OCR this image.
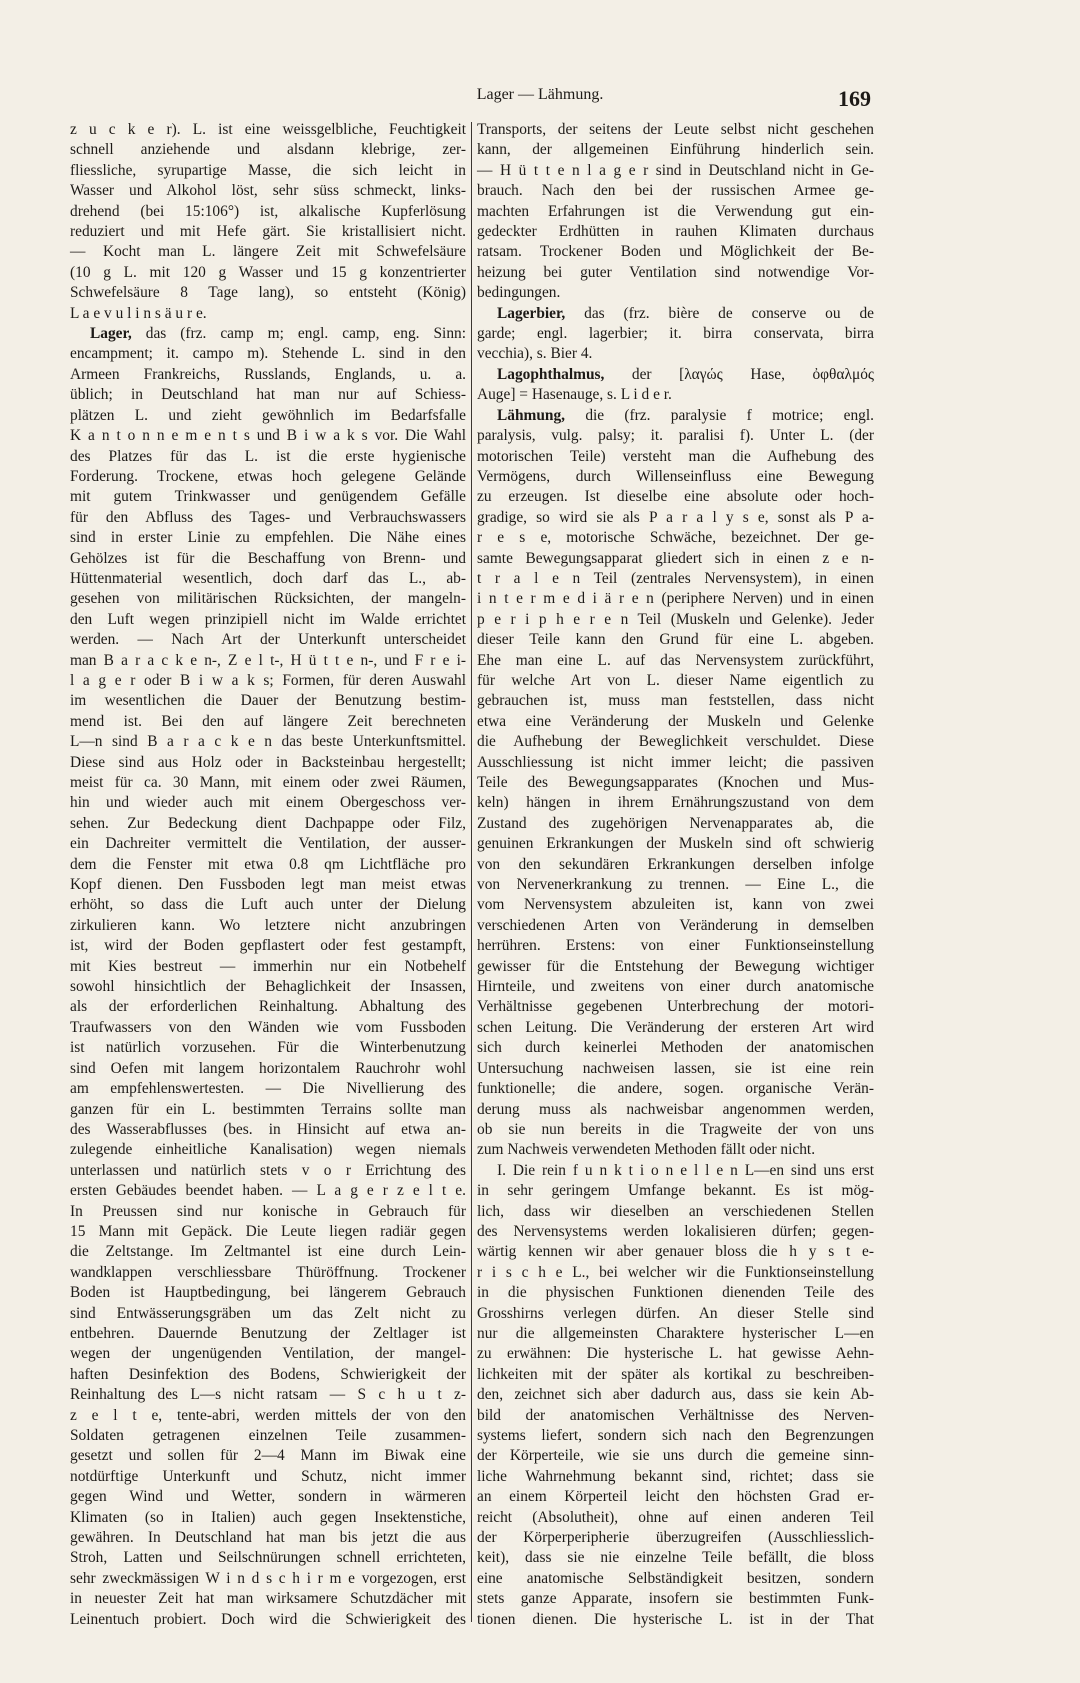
Lager — Lähmung.	169
z u c k e r). L. ist eine weissgelbliche, Feuchtigkeit
schnell anziehende und alsdann klebrige, zer-
fliessliche, syrupartige Masse, die sich leicht in
Wasser und Alkohol löst, sehr süss schmeckt, links-
drehend (bei 15:106°) ist, alkalische Kupferlösung
reduziert und mit Hefe gärt. Sie kristallisiert nicht.
— Kocht man L. längere Zeit mit Schwefelsäure
(10 g L. mit 120 g Wasser und 15 g konzentrierter
Schwefelsäure 8 Tage lang), so entsteht (König)
L a e v u l i n s ä u r e.
Lager, das (frz. camp m; engl. camp, eng. Sinn:
encampment; it. campo m). Stehende L. sind in den
Armeen Frankreichs, Russlands, Englands, u. a.
üblich; in Deutschland hat man nur auf Schiess-
plätzen L. und zieht gewöhnlich im Bedarfsfalle
K a n t o n n e m e n t s und B i w a k s vor. Die Wahl
des Platzes für das L. ist die erste hygienische
Forderung. Trockene, etwas hoch gelegene Gelände
mit gutem Trinkwasser und genügendem Gefälle
für den Abfluss des Tages- und Verbrauchswassers
sind in erster Linie zu empfehlen. Die Nähe eines
Gehölzes ist für die Beschaffung von Brenn- und
Hüttenmaterial wesentlich, doch darf das L., ab-
gesehen von militärischen Rücksichten, der mangeln-
den Luft wegen prinzipiell nicht im Walde errichtet
werden. — Nach Art der Unterkunft unterscheidet
man B a r a c k e n-, Z e l t-, H ü t t e n-, und F r e i-
l a g e r oder B i w a k s; Formen, für deren Auswahl
im wesentlichen die Dauer der Benutzung bestim-
mend ist. Bei den auf längere Zeit berechneten
L—n sind B a r a c k e n das beste Unterkunftsmittel.
Diese sind aus Holz oder in Backsteinbau hergestellt;
meist für ca. 30 Mann, mit einem oder zwei Räumen,
hin und wieder auch mit einem Obergeschoss ver-
sehen. Zur Bedeckung dient Dachpappe oder Filz,
ein Dachreiter vermittelt die Ventilation, der ausser-
dem die Fenster mit etwa 0.8 qm Lichtfläche pro
Kopf dienen. Den Fussboden legt man meist etwas
erhöht, so dass die Luft auch unter der Dielung
zirkulieren kann. Wo letztere nicht anzubringen
ist, wird der Boden gepflastert oder fest gestampft,
mit Kies bestreut — immerhin nur ein Notbehelf
sowohl hinsichtlich der Behaglichkeit der Insassen,
als der erforderlichen Reinhaltung. Abhaltung des
Traufwassers von den Wänden wie vom Fussboden
ist natürlich vorzusehen. Für die Winterbenutzung
sind Oefen mit langem horizontalem Rauchrohr wohl
am empfehlenswertesten. — Die Nivellierung des
ganzen für ein L. bestimmten Terrains sollte man
des Wasserabflusses (bes. in Hinsicht auf etwa an-
zulegende einheitliche Kanalisation) wegen niemals
unterlassen und natürlich stets v o r Errichtung des
ersten Gebäudes beendet haben. — L a g e r z e l t e.
In Preussen sind nur konische in Gebrauch für
15 Mann mit Gepäck. Die Leute liegen radiär gegen
die Zeltstange. Im Zeltmantel ist eine durch Lein-
wandklappen verschliessbare Thüröffnung. Trockener
Boden ist Hauptbedingung, bei längerem Gebrauch
sind Entwässerungsgräben um das Zelt nicht zu
entbehren. Dauernde Benutzung der Zeltlager ist
wegen der ungenügenden Ventilation, der mangel-
haften Desinfektion des Bodens, Schwierigkeit der
Reinhaltung des L—s nicht ratsam — S c h u t z-
z e l t e, tente-abri, werden mittels der von den
Soldaten getragenen einzelnen Teile zusammen-
gesetzt und sollen für 2—4 Mann im Biwak eine
notdürftige Unterkunft und Schutz, nicht immer
gegen Wind und Wetter, sondern in wärmeren
Klimaten (so in Italien) auch gegen Insektenstiche,
gewähren. In Deutschland hat man bis jetzt die aus
Stroh, Latten und Seilschnürungen schnell errichteten,
sehr zweckmässigen W i n d s c h i r m e vorgezogen, erst
in neuester Zeit hat man wirksamere Schutzdächer mit
Leinentuch probiert. Doch wird die Schwierigkeit des
Transports, der seitens der Leute selbst nicht geschehen
kann, der allgemeinen Einführung hinderlich sein.
— H ü t t e n l a g e r sind in Deutschland nicht in Ge-
brauch. Nach den bei der russischen Armee ge-
machten Erfahrungen ist die Verwendung gut ein-
gedeckter Erdhütten in rauhen Klimaten durchaus
ratsam. Trockener Boden und Möglichkeit der Be-
heizung bei guter Ventilation sind notwendige Vor-
bedingungen.
Lagerbier, das (frz. bière de conserve ou de
garde; engl. lagerbier; it. birra conservata, birra
vecchia), s. Bier 4.
Lagophthalmus, der [λαγώς Hase, ὀφθαλμός
Auge] = Hasenauge, s. L i d e r.
Lähmung, die (frz. paralysie f motrice; engl.
paralysis, vulg. palsy; it. paralisi f). Unter L. (der
motorischen Teile) versteht man die Aufhebung des
Vermögens, durch Willenseinfluss eine Bewegung
zu erzeugen. Ist dieselbe eine absolute oder hoch-
gradige, so wird sie als P a r a l y s e, sonst als P a-
r e s e, motorische Schwäche, bezeichnet. Der ge-
samte Bewegungsapparat gliedert sich in einen z e n-
t r a l e n Teil (zentrales Nervensystem), in einen
i n t e r m e d i ä r e n (periphere Nerven) und in einen
p e r i p h e r e n Teil (Muskeln und Gelenke). Jeder
dieser Teile kann den Grund für eine L. abgeben.
Ehe man eine L. auf das Nervensystem zurückführt,
für welche Art von L. dieser Name eigentlich zu
gebrauchen ist, muss man feststellen, dass nicht
etwa eine Veränderung der Muskeln und Gelenke
die Aufhebung der Beweglichkeit verschuldet. Diese
Ausschliessung ist nicht immer leicht; die passiven
Teile des Bewegungsapparates (Knochen und Mus-
keln) hängen in ihrem Ernährungszustand von dem
Zustand des zugehörigen Nervenapparates ab, die
genuinen Erkrankungen der Muskeln sind oft schwierig
von den sekundären Erkrankungen derselben infolge
von Nervenerkrankung zu trennen. — Eine L., die
vom Nervensystem abzuleiten ist, kann von zwei
verschiedenen Arten von Veränderung in demselben
herrühren. Erstens: von einer Funktionseinstellung
gewisser für die Entstehung der Bewegung wichtiger
Hirnteile, und zweitens von einer durch anatomische
Verhältnisse gegebenen Unterbrechung der motori-
schen Leitung. Die Veränderung der ersteren Art wird
sich durch keinerlei Methoden der anatomischen
Untersuchung nachweisen lassen, sie ist eine rein
funktionelle; die andere, sogen. organische Verän-
derung muss als nachweisbar angenommen werden,
ob sie nun bereits in die Tragweite der von uns
zum Nachweis verwendeten Methoden fällt oder nicht.
I. Die rein f u n k t i o n e l l e n L—en sind uns erst
in sehr geringem Umfange bekannt. Es ist mög-
lich, dass wir dieselben an verschiedenen Stellen
des Nervensystems werden lokalisieren dürfen; gegen-
wärtig kennen wir aber genauer bloss die h y s t e-
r i s c h e L., bei welcher wir die Funktionseinstellung
in die physischen Funktionen dienenden Teile des
Grosshirns verlegen dürfen. An dieser Stelle sind
nur die allgemeinsten Charaktere hysterischer L—en
zu erwähnen: Die hysterische L. hat gewisse Aehn-
lichkeiten mit der später als kortikal zu beschreiben-
den, zeichnet sich aber dadurch aus, dass sie kein Ab-
bild der anatomischen Verhältnisse des Nerven-
systems liefert, sondern sich nach den Begrenzungen
der Körperteile, wie sie uns durch die gemeine sinn-
liche Wahrnehmung bekannt sind, richtet; dass sie
an einem Körperteil leicht den höchsten Grad er-
reicht (Absolutheit), ohne auf einen anderen Teil
der Körperperipherie überzugreifen (Ausschliesslich-
keit), dass sie nie einzelne Teile befällt, die bloss
eine anatomische Selbständigkeit besitzen, sondern
stets ganze Apparate, insofern sie bestimmten Funk-
tionen dienen. Die hysterische L. ist in der That
